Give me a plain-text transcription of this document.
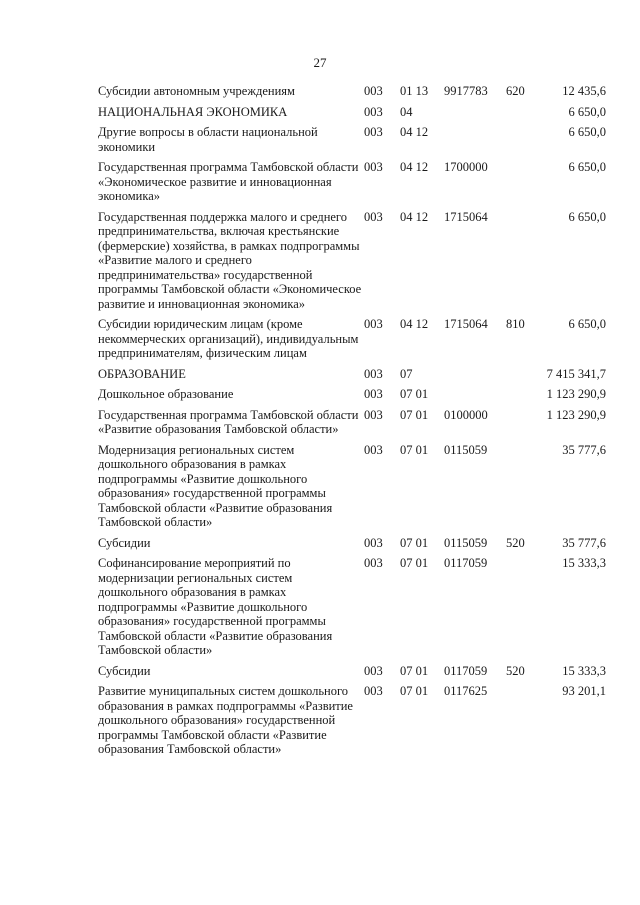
27
Субсидии автономным учреждениям	003	01 13	9917783	620	12 435,6
НАЦИОНАЛЬНАЯ ЭКОНОМИКА	003	04			6 650,0
Другие вопросы в области национальной экономики	003	04 12			6 650,0
Государственная программа Тамбовской области «Экономическое развитие и инновационная экономика»	003	04 12	1700000		6 650,0
Государственная поддержка малого и среднего предпринимательства, включая крестьянские (фермерские) хозяйства, в рамках подпрограммы «Развитие малого и среднего предпринимательства» государственной программы Тамбовской области «Экономическое развитие и инновационная экономика»	003	04 12	1715064		6 650,0
Субсидии юридическим лицам (кроме некоммерческих организаций), индивидуальным предпринимателям, физическим лицам	003	04 12	1715064	810	6 650,0
ОБРАЗОВАНИЕ	003	07			7 415 341,7
Дошкольное образование	003	07 01			1 123 290,9
Государственная программа Тамбовской области «Развитие образования Тамбовской области»	003	07 01	0100000		1 123 290,9
Модернизация региональных систем дошкольного образования в рамках подпрограммы «Развитие дошкольного образования» государственной программы Тамбовской области «Развитие образования Тамбовской области»	003	07 01	0115059		35 777,6
Субсидии	003	07 01	0115059	520	35 777,6
Софинансирование мероприятий по модернизации региональных систем дошкольного образования в рамках подпрограммы «Развитие дошкольного образования» государственной программы Тамбовской области «Развитие образования Тамбовской области»	003	07 01	0117059		15 333,3
Субсидии	003	07 01	0117059	520	15 333,3
Развитие муниципальных систем дошкольного образования в рамках подпрограммы «Развитие дошкольного образования» государственной программы Тамбовской области «Развитие образования Тамбовской области»	003	07 01	0117625		93 201,1
